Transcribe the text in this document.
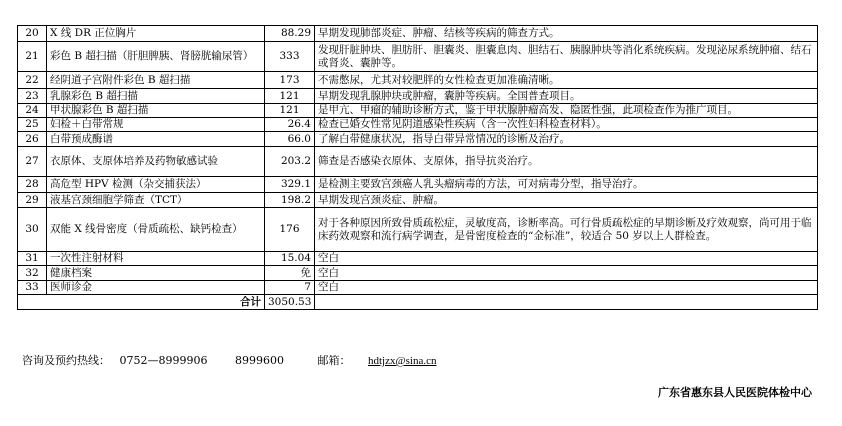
20	X 线 DR 正位胸片	88.29	早期发现肺部炎症、肿瘤、结核等疾病的筛查方式。
21	彩色 B 超扫描（肝胆脾胰、肾膀胱输尿管）	333	发现肝脏肿块、胆肪肝、胆囊炎、胆囊息肉、胆结石、胰腺肿块等消化系统疾病。发现泌尿系统肿瘤、结石或肾炎、囊肿等。
22	经阴道子宫附件彩色 B 超扫描	173	不需憋尿，尤其对较肥胖的女性检查更加准确清晰。
23	乳腺彩色 B 超扫描	121	早期发现乳腺肿块或肿瘤，囊肿等疾病。全国普查项目。
24	甲状腺彩色 B 超扫描	121	是甲亢、甲瘤的辅助诊断方式，鉴于甲状腺肿瘤高发、隐匿性强，此项检查作为推广项目。
25	妇检＋白带常规	26.4	检查已婚女性常见阴道感染性疾病（含一次性妇科检查材料）。
26	白带预成酶谱	66.0	了解白带健康状况，指导白带异常情况的诊断及治疗。
27	衣原体、支原体培养及药物敏感试验	203.2	筛查是否感染衣原体、支原体，指导抗炎治疗。
28	高危型 HPV 检测（杂交捕获法）	329.1	是检测主要致宫颈癌人乳头瘤病毒的方法，可对病毒分型，指导治疗。
29	液基宫颈细胞学筛查（TCT）	198.2	早期发现宫颈炎症、肿瘤。
30	双能 X 线骨密度（骨质疏松、缺钙检查）	176	对于各种原因所致骨质疏松症，灵敏度高，诊断率高。可行骨质疏松症的早期诊断及疗效观察，尚可用于临床药效观察和流行病学调查，是骨密度检查的“金标准”，较适合 50 岁以上人群检查。
31	一次性注射材料	15.04	空白
32	健康档案	免	空白
33	医师诊金	7	空白
合计		3050.53	
咨询及预约热线： 0752—8999906	8999600	邮箱： hdtjzx@sina.cn
广东省惠东县人民医院体检中心
